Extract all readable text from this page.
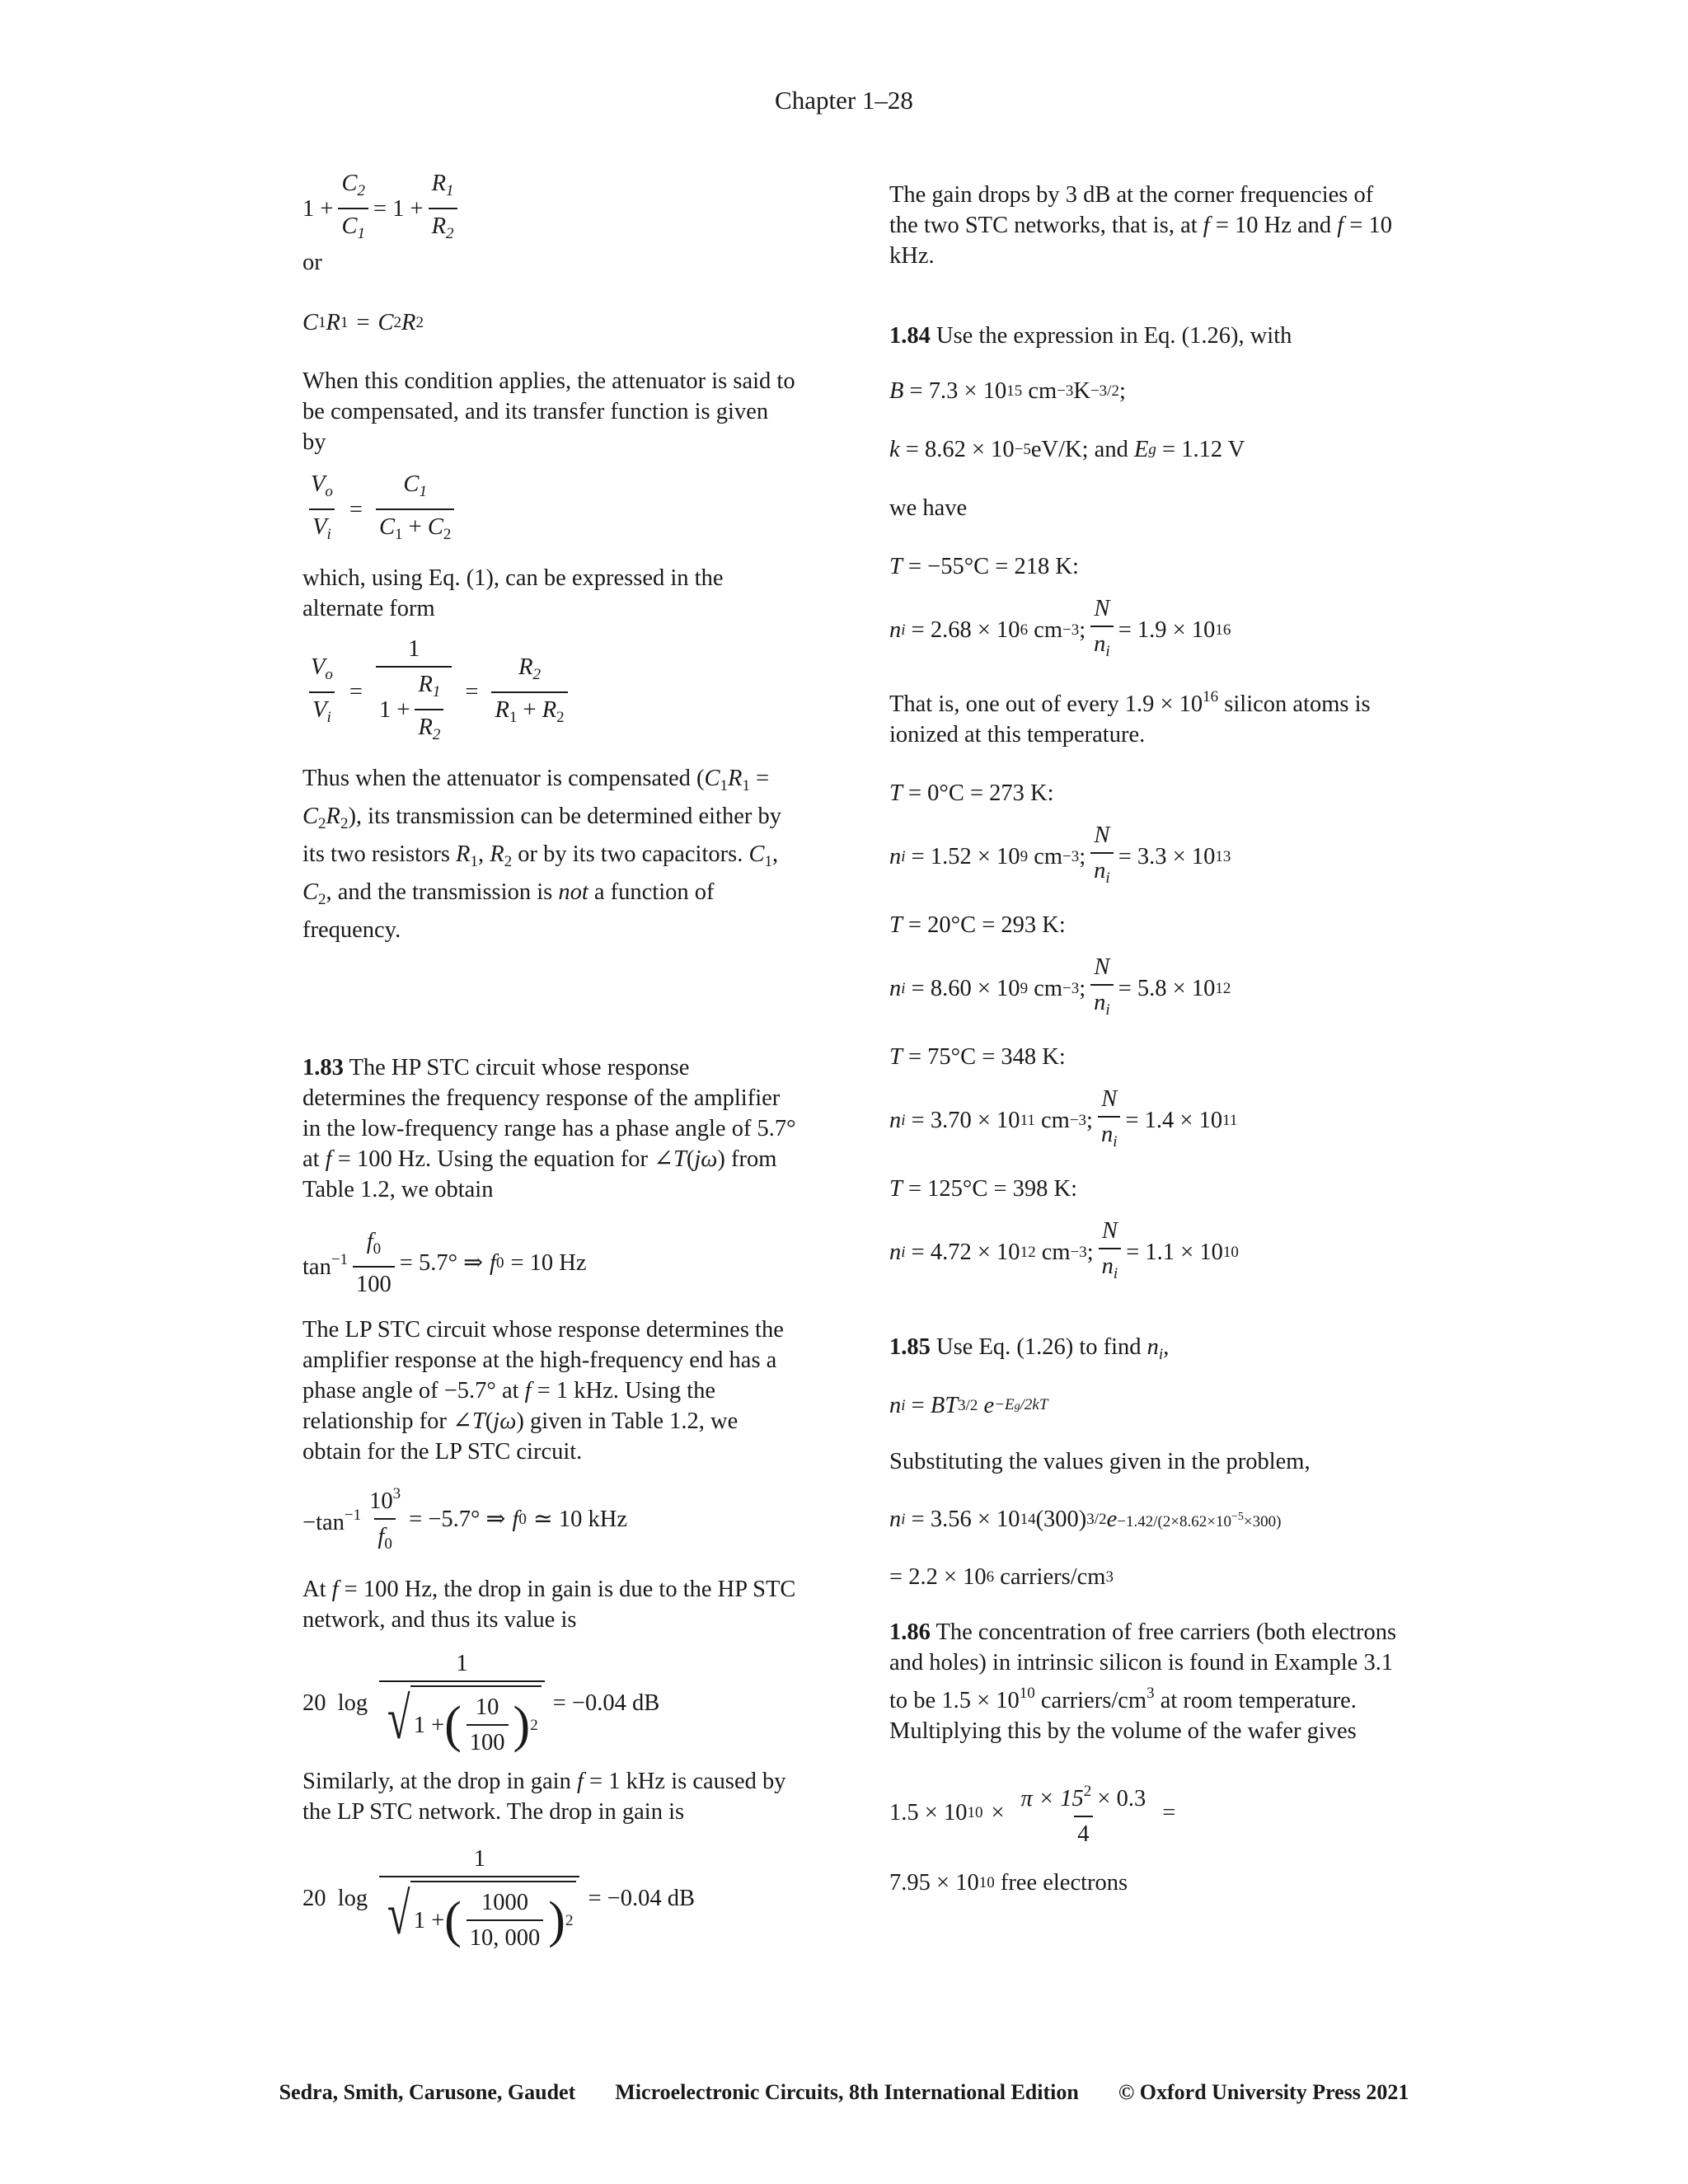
Chapter 1–28
$1 + \frac{C_2}{C_1} = 1 + \frac{R_1}{R_2}$

or

C 1 R 1 = C 2 R 2

When this condition applies, the attenuator is said to be compensated, and its transfer function is given by

$\frac{V_o}{V_i} = \frac{C_1}{C_1 + C_2}$

which, using Eq. (1), can be expressed in the alternate form

$\frac{V_o}{V_i} = \frac{1}{1 + \frac{R_1}{R_2}} = \frac{R_2}{R_1 + R_2}$

Thus when the attenuator is compensated $(C_1R_1 = C_2R_2)$, its transmission can be determined either by its two resistors $R_1$, $R_2$ or by its two capacitors. $C_1$, $C_2$, and the transmission is not a function of frequency.

1.83 The HP STC circuit whose response determines the frequency response of the amplifier in the low-frequency range has a phase angle of 5.7° at f = 100 Hz. Using the equation for ∠T(jω) from Table 1.2, we obtain

$\tan^{-1} \frac{f_0}{100} = 5.7^\circ$ ⇒ f 0 = 10 Hz

The LP STC circuit whose response determines the amplifier response at the high-frequency end has a phase angle of −5.7° at f = 1 kHz. Using the relationship for ∠T(jω) given in Table 1.2, we obtain for the LP STC circuit.

$-\tan^{-1} \frac{10^3}{f_0} = -5.7^\circ$ ⇒ f 0 ≃ 10 kHz

At f = 100 Hz, the drop in gain is due to the HP STC network, and thus its value is

20  $\log \frac{1}{√ 1 + ( \frac{10}{100} ) 2} = -0.04$ dB

Similarly, at the drop in gain f = 1 kHz is caused by the LP STC network. The drop in gain is

20  $\log \frac{1}{√ 1 + ( \frac{1000}{10, 000} ) 2} = -0.04$ dB

The gain drops by 3 dB at the corner frequencies of the two STC networks, that is, at f = 10 Hz and f = 10 kHz.

1.84 Use the expression in Eq. (1.26), with

B
= 7.3 × 10 15 cm −3 K −3/2 ;
k
= 8.62 × 10 −5 eV/K; and
E g
= 1.12 V

we have

T
= −55°C = 218 K:
n i
= 2.68 × 10 6 cm −3 ; $\frac{N}{n_i} = 1.9 \times 10$ 16

That is, one out of every $1.9 \times 10^{16}$ silicon atoms is ionized at this temperature.

T
= 0°C = 273 K:
n i
= 1.52 × 10 9 cm −3 ; $\frac{N}{n_i} = 3.3 \times 10$ 13
T
= 20°C = 293 K:
n i
= 8.60 × 10 9 cm −3 ; $\frac{N}{n_i} = 5.8 \times 10$ 12
T
= 75°C = 348 K:
n i
= 3.70 × 10 11 cm −3 ; $\frac{N}{n_i} = 1.4 \times 10$ 11
T
= 125°C = 398 K:
n i
= 4.72 × 10 12 cm −3 ; $\frac{N}{n_i} = 1.1 \times 10$ 10

1.85 Use Eq. (1.26) to find $n_i$,

n i = BT 3/2
e −Eg/2kT

Substituting the values given in the problem,

n i
= 3.56 × 10 14 (300) 3/2 $e -1.42/(2\times 8.62\times 10^{-5}\times 300)$
= 2.2 × 10 6
carriers/cm 3

1.86 The concentration of free carriers (both electrons and holes) in intrinsic silicon is found in Example 3.1 to be $1.5 \times 10^{10}$ carriers/$cm^3$ at room temperature. Multiplying this by the volume of the wafer gives

1.5 × 10 $10 \times \frac{\pi \times 15^2 \times 0.3}{4}$ =
7.95 × 10 10
free electrons
Sedra, Smith, Carusone, Gaudet Microelectronic Circuits, 8th International Edition © Oxford University Press 2021
